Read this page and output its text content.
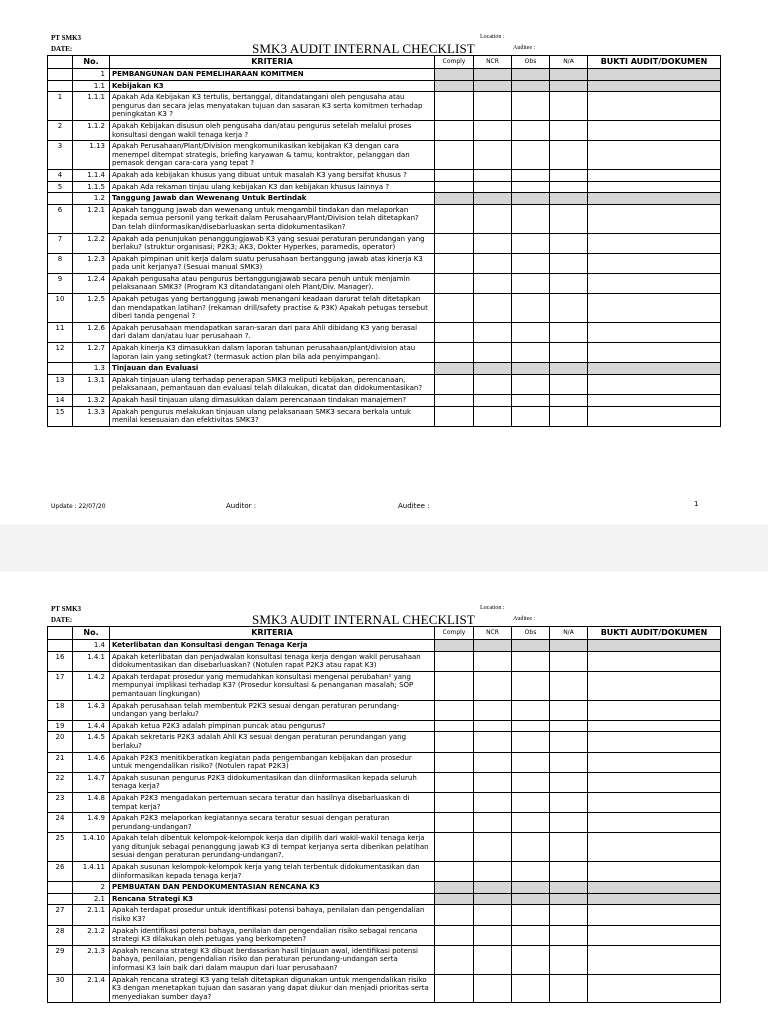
PT SMK3
DATE:	SMK3 AUDIT INTERNAL CHECKLIST
Location :
Auditee :
	No.	KRITERIA	Comply	NCR	Obs	N/A	BUKTI AUDIT/DOKUMEN
	1	PEMBANGUNAN DAN PEMELIHARAAN KOMITMEN					
	1.1	Kebijakan K3					
1	1.1.1	Apakah Ada Kebijakan K3 tertulis, bertanggal, ditandatangani oleh pengusaha atau pengurus dan secara jelas menyatakan tujuan dan sasaran K3 serta komitmen terhadap peningkatan K3 ?					
2	1.1.2	Apakah Kebijakan disusun oleh pengusaha dan/atau pengurus setelah melalui proses konsultasi dengan wakil tenaga kerja ?					
3	1.13	Apakah Perusahaan/Plant/Division mengkomunikasikan kebijakan K3 dengan cara menempel ditempat strategis, briefing karyawan & tamu, kontraktor, pelanggan dan pemasok dengan cara-cara yang tepat ?					
4	1.1.4	Apakah ada kebijakan khusus yang dibuat untuk masalah K3 yang bersifat khusus ?					
5	1.1.5	Apakah Ada rekaman tinjau ulang kebijakan K3 dan kebijakan khusus lainnya ?					
	1.2	Tanggung Jawab dan Wewenang Untuk Bertindak					
6	1.2.1	Apakah tanggung jawab dan wewenang untuk mengambil tindakan dan melaporkan kepada semua personil yang terkait dalam Perusahaan/Plant/Division telah ditetapkan? Dan telah diinformasikan/disebarluaskan serta didokumentasikan?					
7	1.2.2	Apakah ada penunjukan penanggungjawab K3 yang sesuai peraturan perundangan yang berlaku? (struktur organisasi; P2K3; AK3, Dokter Hyperkes, paramedis, operator)					
8	1.2.3	Apakah pimpinan unit kerja dalam suatu perusahaan bertanggung jawab atas kinerja K3 pada unit kerjanya? (Sesuai manual SMK3)					
9	1.2.4	Apakah pengusaha atau pengurus bertanggungjawab secara penuh untuk menjamin pelaksanaan SMK3? (Program K3 ditandatangani oleh Plant/Div. Manager).					
10	1.2.5	Apakah petugas yang bertanggung jawab menangani keadaan darurat telah ditetapkan dan mendapatkan latihan? (rekaman drill/safety practise & P3K) Apakah petugas tersebut diberi tanda pengenal ?					
11	1.2.6	Apakah perusahaan mendapatkan saran-saran dari para Ahli dibidang K3 yang berasal dari dalam dan/atau luar perusahaan ?.					
12	1.2.7	Apakah kinerja K3 dimasukkan dalam laporan tahunan perusahaan/plant/division atau laporan lain yang setingkat? (termasuk action plan bila ada penyimpangan).					
	1.3	Tinjauan dan Evaluasi					
13	1.3.1	Apakah tinjauan ulang terhadap penerapan SMK3 meliputi kebijakan, perencanaan, pelaksanaan, pemantauan dan evaluasi telah dilakukan, dicatat dan didokumentasikan?					
14	1.3.2	Apakah hasil tinjauan ulang dimasukkan dalam perencanaan tindakan manajemen?					
15	1.3.3	Apakah pengurus melakukan tinjauan ulang pelaksanaan SMK3 secara berkala untuk menilai kesesuaian dan efektivitas SMK3?					
Update : 22/07/20	Auditor :	Auditee :	1
PT SMK3
DATE:	SMK3 AUDIT INTERNAL CHECKLIST
Location :
Auditee :
	No.	KRITERIA	Comply	NCR	Obs	N/A	BUKTI AUDIT/DOKUMEN
	1.4	Keterlibatan dan Konsultasi dengan Tenaga Kerja					
16	1.4.1	Apakah keterlibatan dan penjadwalan konsultasi tenaga kerja dengan wakil perusahaan didokumentasikan dan disebarluaskan? (Notulen rapat P2K3 atau rapat K3)					
17	1.4.2	Apakah terdapat prosedur yang memudahkan konsultasi mengenai perubahan² yang mempunyai implikasi terhadap K3? (Prosedur konsultasi & penanganan masalah; SOP pemantauan lingkungan)					
18	1.4.3	Apakah perusahaan telah membentuk P2K3 sesuai dengan peraturan perundang-undangan yang berlaku?					
19	1.4.4	Apakah ketua P2K3 adalah pimpinan puncak atau pengurus?					
20	1.4.5	Apakah sekretaris P2K3 adalah Ahli K3 sesuai dengan peraturan perundangan yang berlaku?					
21	1.4.6	Apakah P2K3 menitikberatkan kegiatan pada pengembangan kebijakan dan prosedur untuk mengendalikan risiko? (Notulen rapat P2K3)					
22	1.4.7	Apakah susunan pengurus P2K3 didokumentasikan dan diinformasikan kepada seluruh tenaga kerja?					
23	1.4.8	Apakah P2K3 mengadakan pertemuan secara teratur dan hasilnya disebarluaskan di tempat kerja?					
24	1.4.9	Apakah P2K3 melaporkan kegiatannya secara teratur sesuai dengan peraturan perundang-undangan?					
25	1.4.10	Apakah telah dibentuk kelompok-kelompok kerja dan dipilih dari wakil-wakil tenaga kerja yang ditunjuk sebagai penanggung jawab K3 di tempat kerjanya serta diberikan pelatihan sesuai dengan peraturan perundang-undangan?.					
26	1.4.11	Apakah susunan kelompok-kelompok kerja yang telah terbentuk didokumentasikan dan diinformasikan kepada tenaga kerja?					
	2	PEMBUATAN DAN PENDOKUMENTASIAN RENCANA K3					
	2.1	Rencana Strategi K3					
27	2.1.1	Apakah terdapat prosedur untuk identifikasi potensi bahaya, penilaian dan pengendalian risiko K3?					
28	2.1.2	Apakah identifikasi potensi bahaya, penilaian dan pengendalian risiko sebagai rencana strategi K3 dilakukan oleh petugas yang berkompeten?					
29	2.1.3	Apakah rencana strategi K3 dibuat berdasarkan hasil tinjauan awal, identifikasi potensi bahaya, penilaian, pengendalian risiko dan peraturan perundang-undangan serta informasi K3 lain baik dari dalam maupun dari luar perusahaan?					
30	2.1.4	Apakah rencana strategi K3 yang telah ditetapkan digunakan untuk mengendalikan risiko K3 dengan menetapkan tujuan dan sasaran yang dapat diukur dan menjadi prioritas serta menyediakan sumber daya?					
